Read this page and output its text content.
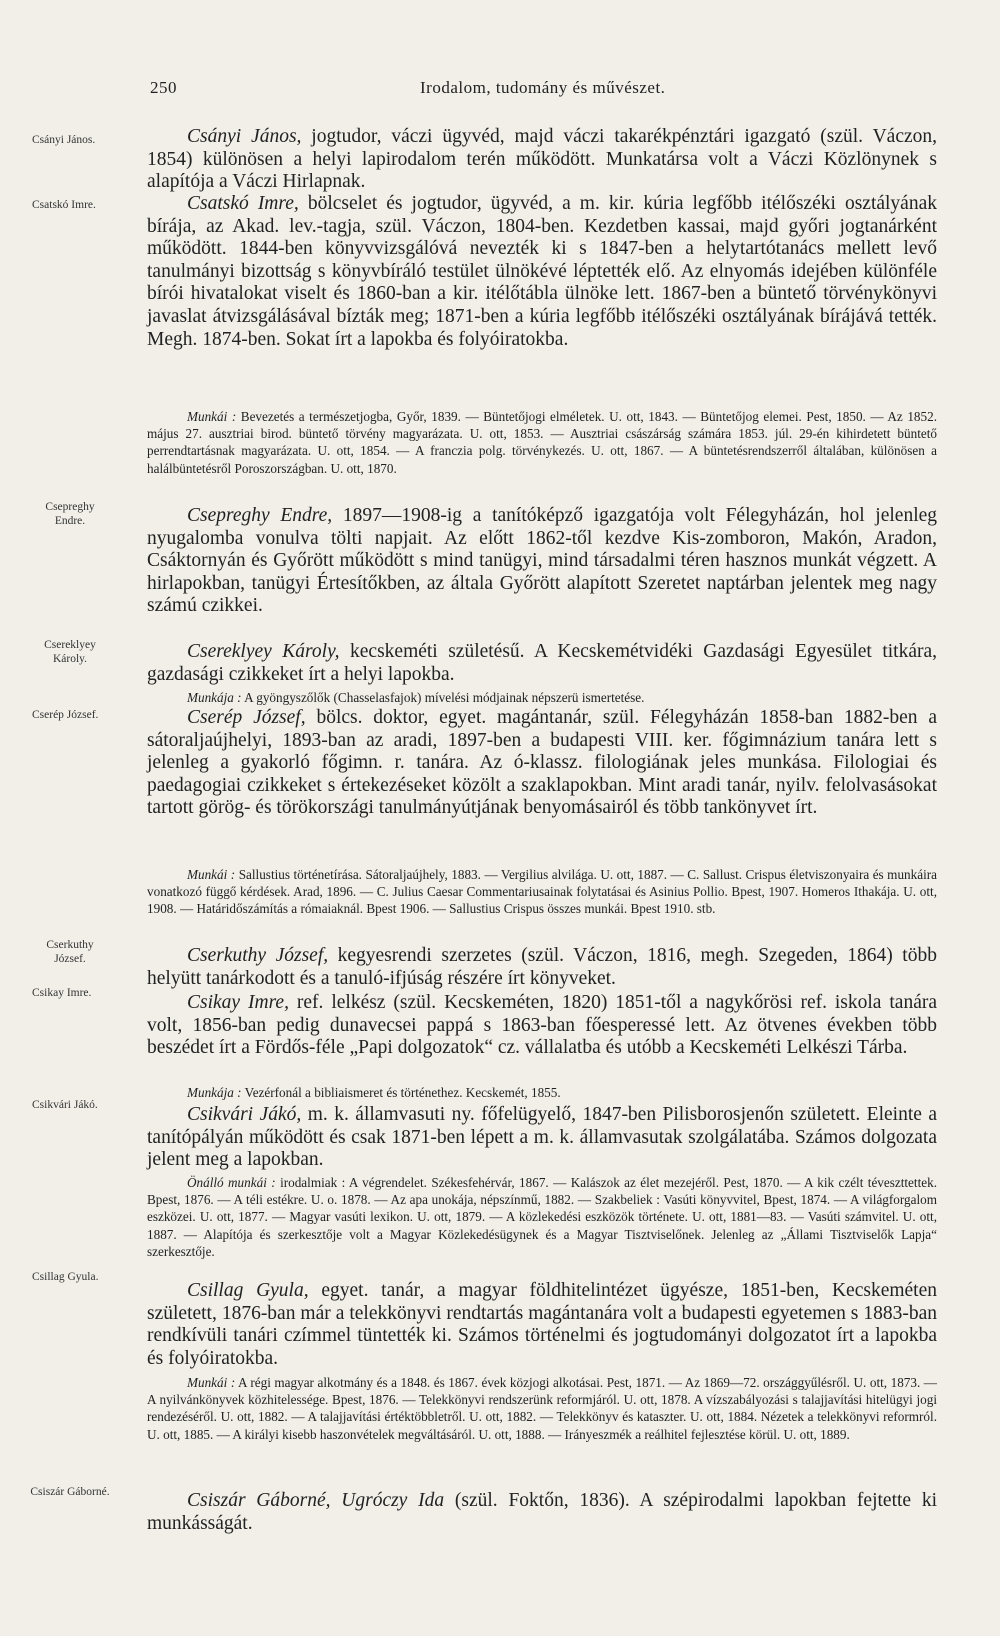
250	Irodalom, tudomány és művészet.
Csányi János.	Csányi János, jogtudor, váczi ügyvéd, majd váczi takarékpénztári igazgató (szül. Váczon, 1854) különösen a helyi lapirodalom terén működött. Munkatársa volt a Váczi Közlönynek s alapítója a Váczi Hirlapnak.
Csatskó Imre.	Csatskó Imre, bölcselet és jogtudor, ügyvéd, a m. kir. kúria legfőbb itélőszéki osztályának bírája, az Akad. lev.-tagja, szül. Váczon, 1804-ben. Kezdetben kassai, majd győri jogtanárként működött. 1844-ben könyvvizsgálóvá nevezték ki s 1847-ben a helytartótanács mellett levő tanulmányi bizottság s könyvbíráló testület ülnökévé léptették elő. Az elnyomás idejében különféle bírói hivatalokat viselt és 1860-ban a kir. itélőtábla ülnöke lett. 1867-ben a büntető törvénykönyvi javaslat átvizsgálásával bízták meg; 1871-ben a kúria legfőbb itélőszéki osztályának bírájává tették. Megh. 1874-ben. Sokat írt a lapokba és folyóiratokba.
Munkái : Bevezetés a természetjogba, Győr, 1839. — Büntetőjogi elméletek. U. ott, 1843. — Büntetőjog elemei. Pest, 1850. — Az 1852. május 27. ausztriai birod. büntető törvény magyarázata. U. ott, 1853. — Ausztriai császárság számára 1853. júl. 29-én kihirdetett büntető perrendtartásnak magyarázata. U. ott, 1854. — A franczia polg. törvénykezés. U. ott, 1867. — A büntetésrendszerről általában, különösen a halálbüntetésről Poroszországban. U. ott, 1870.
Csepreghy Endre.	Csepreghy Endre, 1897—1908-ig a tanítóképző igazgatója volt Félegyházán, hol jelenleg nyugalomba vonulva tölti napjait. Az előtt 1862-től kezdve Kis-zomboron, Makón, Aradon, Csáktornyán és Győrött működött s mind tanügyi, mind társadalmi téren hasznos munkát végzett. A hirlapokban, tanügyi Értesítőkben, az általa Győrött alapított Szeretet naptárban jelentek meg nagy számú czikkei.
Csereklyey Károly.	Csereklyey Károly, kecskeméti születésű. A Kecskemétvidéki Gazdasági Egyesület titkára, gazdasági czikkeket írt a helyi lapokba.
Munkája : A gyöngyszőlők (Chasselasfajok) mívelési módjainak népszerü ismertetése.
Cserép József.	Cserép József, bölcs. doktor, egyet. magántanár, szül. Félegyházán 1858-ban 1882-ben a sátoraljaújhelyi, 1893-ban az aradi, 1897-ben a budapesti VIII. ker. főgimnázium tanára lett s jelenleg a gyakorló főgimn. r. tanára. Az ó-klassz. filologiának jeles munkása. Filologiai és paedagogiai czikkeket s értekezéseket közölt a szaklapokban. Mint aradi tanár, nyilv. felolvasásokat tartott görög- és törökországi tanulmányútjának benyomásairól és több tankönyvet írt.
Munkái : Sallustius történetírása. Sátoraljaújhely, 1883. — Vergilius alvilága. U. ott, 1887. — C. Sallust. Crispus életviszonyaira és munkáira vonatkozó függő kérdések. Arad, 1896. — C. Julius Caesar Commentariusainak folytatásai és Asinius Pollio. Bpest, 1907. Homeros Ithakája. U. ott, 1908. — Határidőszámítás a rómaiaknál. Bpest 1906. — Sallustius Crispus összes munkái. Bpest 1910. stb.
Cserkuthy József.	Cserkuthy József, kegyesrendi szerzetes (szül. Váczon, 1816, megh. Szegeden, 1864) több helyütt tanárkodott és a tanuló-ifjúság részére írt könyveket.
Csikay Imre.	Csikay Imre, ref. lelkész (szül. Kecskeméten, 1820) 1851-től a nagykőrösi ref. iskola tanára volt, 1856-ban pedig dunavecsei pappá s 1863-ban főesperessé lett. Az ötvenes években több beszédet írt a Fördős-féle „Papi dolgozatok“ cz. vállalatba és utóbb a Kecskeméti Lelkészi Tárba.
Munkája : Vezérfonál a bibliaismeret és történethez. Kecskemét, 1855.
Csikvári Jákó.	Csikvári Jákó, m. k. államvasuti ny. főfelügyelő, 1847-ben Pilisborosjenőn született. Eleinte a tanítópályán működött és csak 1871-ben lépett a m. k. államvasutak szolgálatába. Számos dolgozata jelent meg a lapokban.
Önálló munkái : irodalmiak : A végrendelet. Székesfehérvár, 1867. — Kalászok az élet mezejéről. Pest, 1870. — A kik czélt téveszttettek. Bpest, 1876. — A téli estékre. U. o. 1878. — Az apa unokája, népszínmű, 1882. — Szakbeliek : Vasúti könyvvitel, Bpest, 1874. — A világforgalom eszközei. U. ott, 1877. — Magyar vasúti lexikon. U. ott, 1879. — A közlekedési eszközök története. U. ott, 1881—83. — Vasúti számvitel. U. ott, 1887. — Alapítója és szerkesztője volt a Magyar Közlekedésügynek és a Magyar Tisztviselőnek. Jelenleg az „Állami Tisztviselők Lapja“ szerkesztője.
Csillag Gyula.
Csillag Gyula, egyet. tanár, a magyar földhitelintézet ügyésze, 1851-ben, Kecskeméten született, 1876-ban már a telekkönyvi rendtartás magántanára volt a budapesti egyetemen s 1883-ban rendkívüli tanári czímmel tüntették ki. Számos történelmi és jogtudományi dolgozatot írt a lapokba és folyóiratokba.
Munkái : A régi magyar alkotmány és a 1848. és 1867. évek közjogi alkotásai. Pest, 1871. — Az 1869—72. országgyűlésről. U. ott, 1873. — A nyilvánkönyvek közhitelessége. Bpest, 1876. — Telekkönyvi rendszerünk reformjáról. U. ott, 1878. A vízszabályozási s talajjavítási hitelügyi jogi rendezéséről. U. ott, 1882. — A talajjavítási értéktöbbletről. U. ott, 1882. — Telekkönyv és kataszter. U. ott, 1884. Nézetek a telekkönyvi reformról. U. ott, 1885. — A királyi kisebb haszonvételek megváltásáról. U. ott, 1888. — Irányeszmék a reálhitel fejlesztése körül. U. ott, 1889.
Csiszár Gáborné.	Csiszár Gáborné, Ugróczy Ida (szül. Foktőn, 1836). A szépirodalmi lapokban fejtette ki munkásságát.
